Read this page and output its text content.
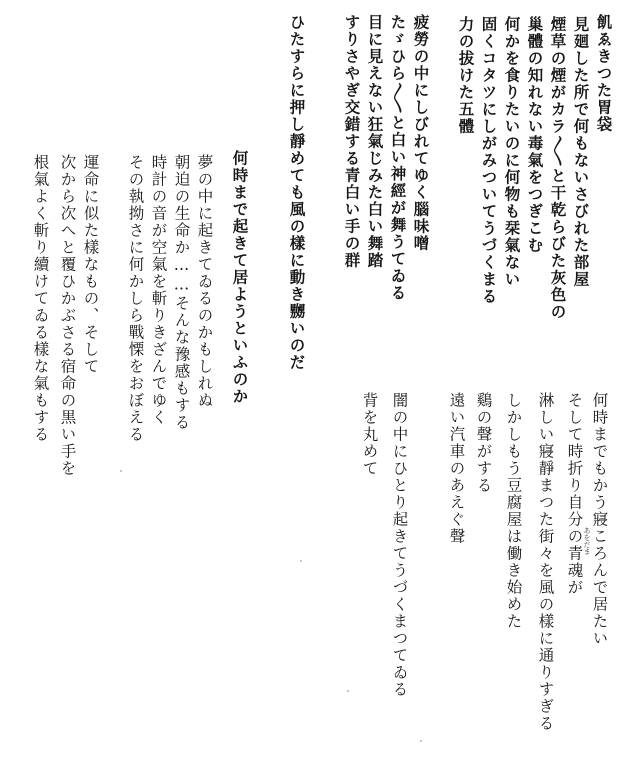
飢ゑきつた胃袋
見廻した所で何もないさびれた部屋
煙草の煙がカラ〱と干乾らびた灰色の
巢體の知れない毒氣をつぎこむ
何かを食りたいのに何物も栞氣ない
固くコタツにしがみついてうづくまる
力の拔けた五體
疲勞の中にしびれてゆく腦味噌
たゞひら〱と白い神經が舞うてゐる
目に見えない狂氣じみた白い舞踏
すりさやぎ交錯する青白い手の群
ひたすらに押し靜めても風の樣に動き嬲いのだ
何時まで起きて居ようといふのか
夢の中に起きてゐるのかもしれぬ
朝迫の生命か……そんな豫感もする
時計の音が空氣を斬りきざんでゆく
その執拗さに何かしら戰慄をおぼえる
運命に似た樣なもの、そして
次から次へと覆ひかぶさる宿命の黒い手を
根氣よく斬り續けてゐる樣な氣もする
何時までもかう寢ころんで居たい
そして時折り自分の青魂が あをだま
淋しい寢靜まつた街々を風の樣に通りすぎる
しかしもう豆腐屋は働き始めた
鷄の聲がする
遠い汽車のあえぐ聲
闇の中にひとり起きてうづくまつてゐる
背を丸めて
